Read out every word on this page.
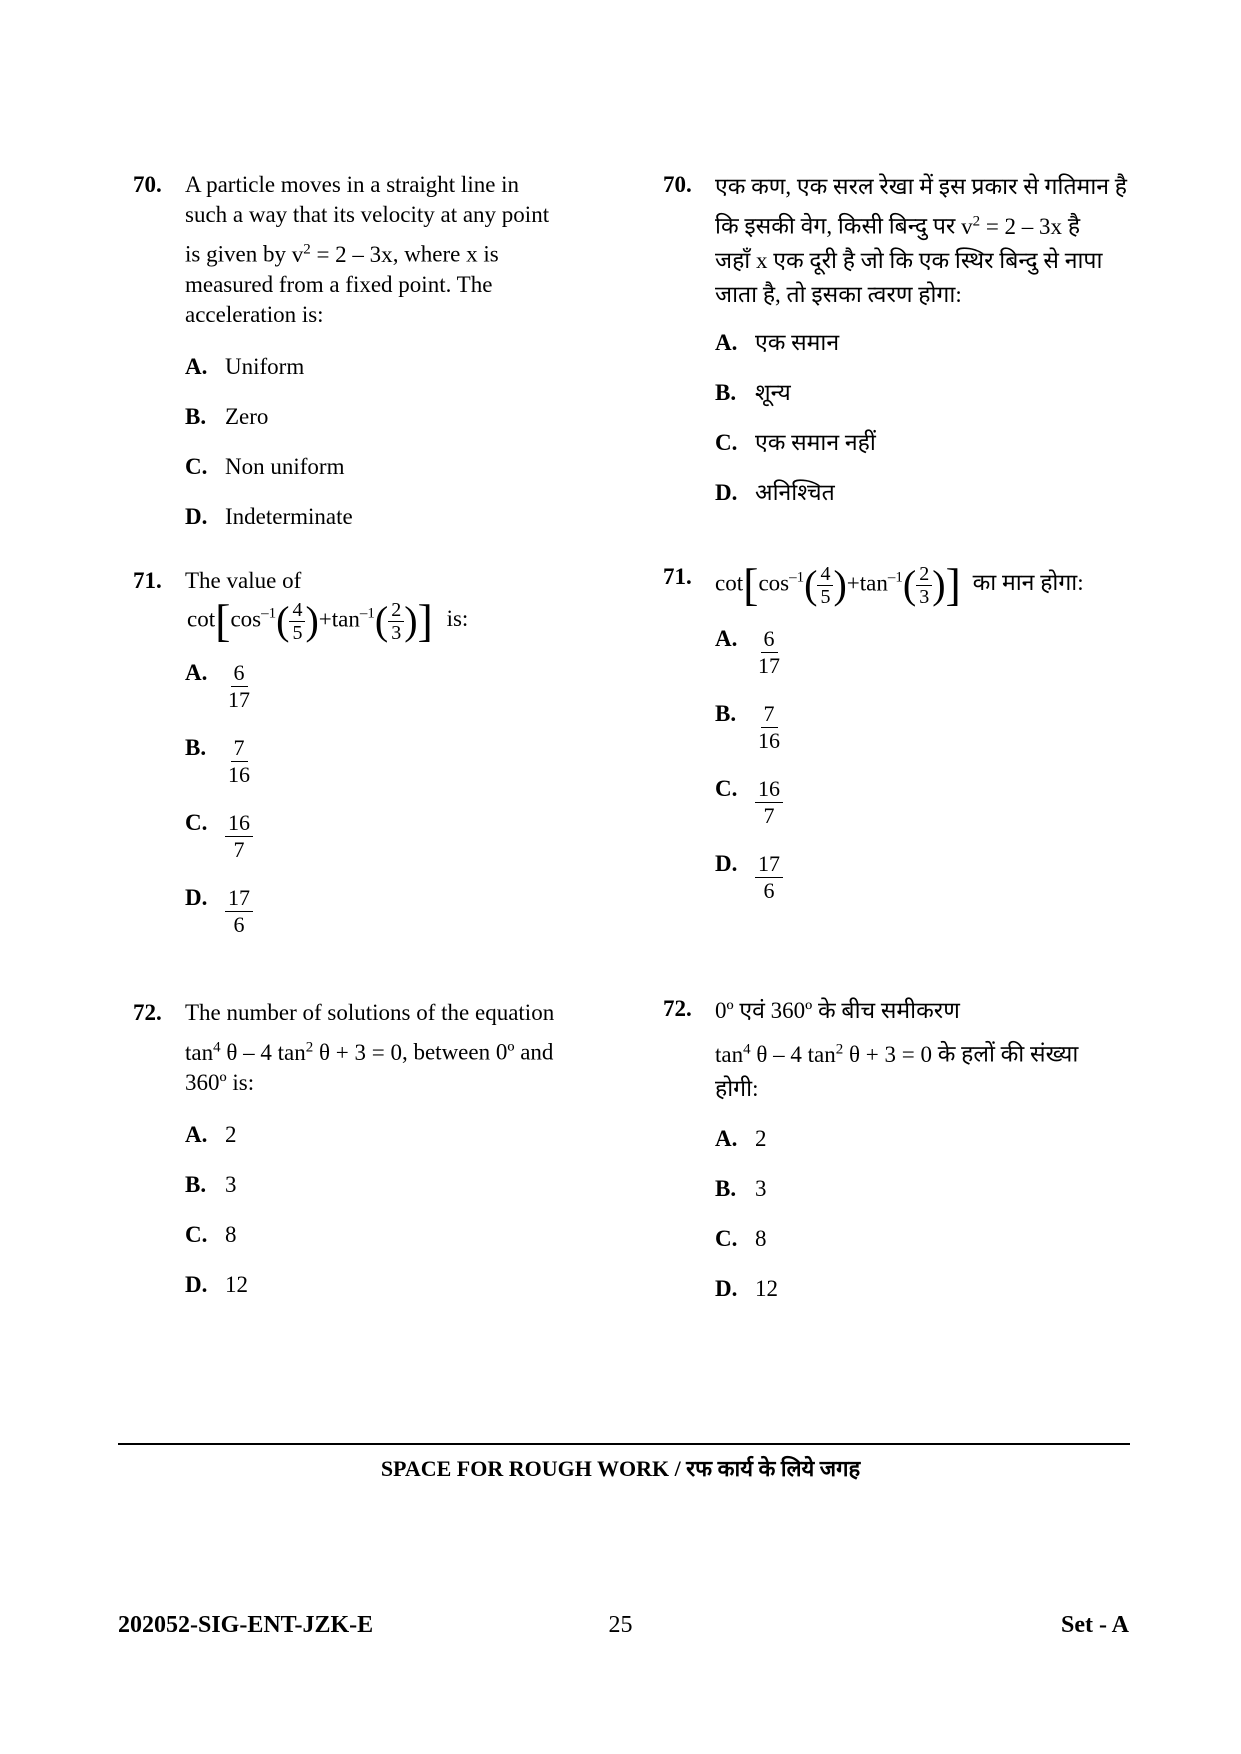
70. A particle moves in a straight line in

such a way that its velocity at any point

is given by $v^2 = 2 - 3x$, where x is

measured from a fixed point. The

acceleration is:

A. Uniform
B. Zero
C. Non uniform
D. Indeterminate
71. The value of

$\cot[\cos^{-1}( \frac{4}{5} )+\tan^{-1}( \frac{2}{3}$ )] is:

A. $\frac{6}{17}$
B. $\frac{7}{16}$
C. $\frac{16}{7}$
D. $\frac{17}{6}$
72. The number of solutions of the equation

$\tan^4 \theta - 4$ $\tan^2 \theta + 3 = 0$, between 0º and

360º is:

A. 2
B. 3
C. 8
D. 12
70. एक कण, एक सरल रेखा में इस प्रकार से गतिमान है

कि इसकी वेग, किसी बिन्दु पर $v^2 = 2 - 3x$ है

जहाँ x एक दूरी है जो कि एक स्थिर बिन्दु से नापा

जाता है, तो इसका त्वरण होगा:

A. एक समान
B. शून्य
C. एक समान नहीं
D. अनिश्चित
71. $\cot[\cos^{-1}( \frac{4}{5} )+\tan^{-1}( \frac{2}{3}$ )] का मान होगा:

A. $\frac{6}{17}$
B. $\frac{7}{16}$
C. $\frac{16}{7}$
D. $\frac{17}{6}$
72. 0º एवं 360º के बीच समीकरण

$\tan^4 \theta - 4$ $\tan^2 \theta + 3 = 0$ के हलों की संख्या

होगी:

A. 2
B. 3
C. 8
D. 12
SPACE FOR ROUGH WORK / रफ कार्य के लिये जगह
202052-SIG-ENT-JZK-E	25	Set - A
